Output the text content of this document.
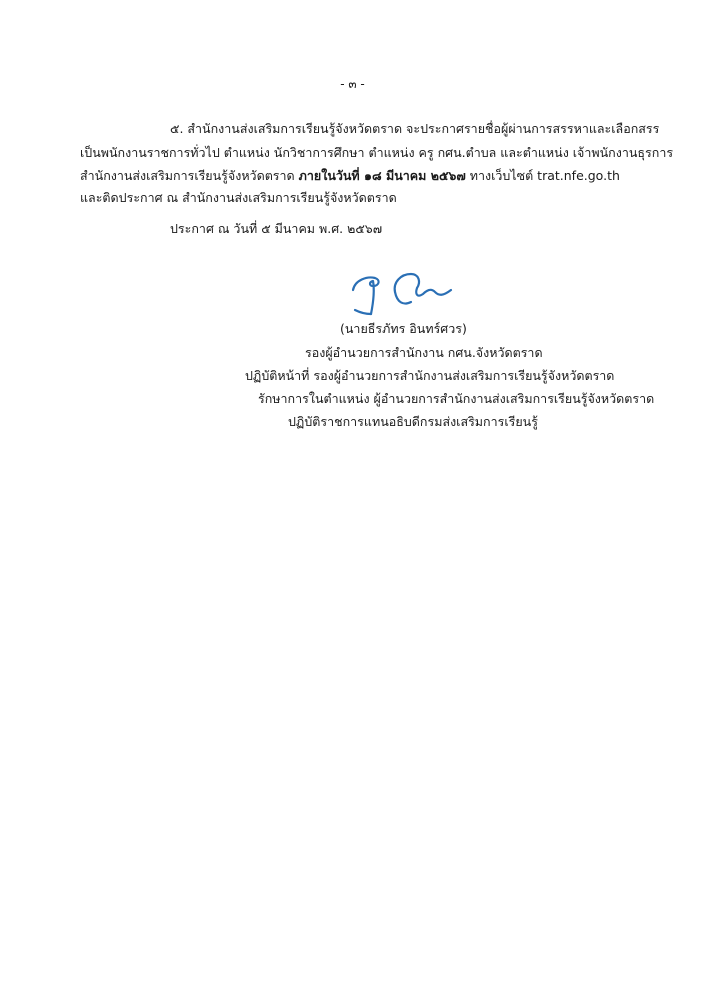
- ๓ -
๕. สำนักงานส่งเสริมการเรียนรู้จังหวัดตราด จะประกาศรายชื่อผู้ผ่านการสรรหาและเลือกสรร
เป็นพนักงานราชการทั่วไป ตำแหน่ง นักวิชาการศึกษา ตำแหน่ง ครู กศน.ตำบล และตำแหน่ง เจ้าพนักงานธุรการ
สำนักงานส่งเสริมการเรียนรู้จังหวัดตราด ภายในวันที่ ๑๘ มีนาคม ๒๕๖๗ ทางเว็บไซต์ trat.nfe.go.th
และติดประกาศ ณ สำนักงานส่งเสริมการเรียนรู้จังหวัดตราด
ประกาศ ณ วันที่ ๕ มีนาคม พ.ศ. ๒๕๖๗
(นายธีรภัทร อินทร์ศวร)
รองผู้อำนวยการสำนักงาน กศน.จังหวัดตราด
ปฏิบัติหน้าที่ รองผู้อำนวยการสำนักงานส่งเสริมการเรียนรู้จังหวัดตราด
รักษาการในตำแหน่ง ผู้อำนวยการสำนักงานส่งเสริมการเรียนรู้จังหวัดตราด
ปฏิบัติราชการแทนอธิบดีกรมส่งเสริมการเรียนรู้
